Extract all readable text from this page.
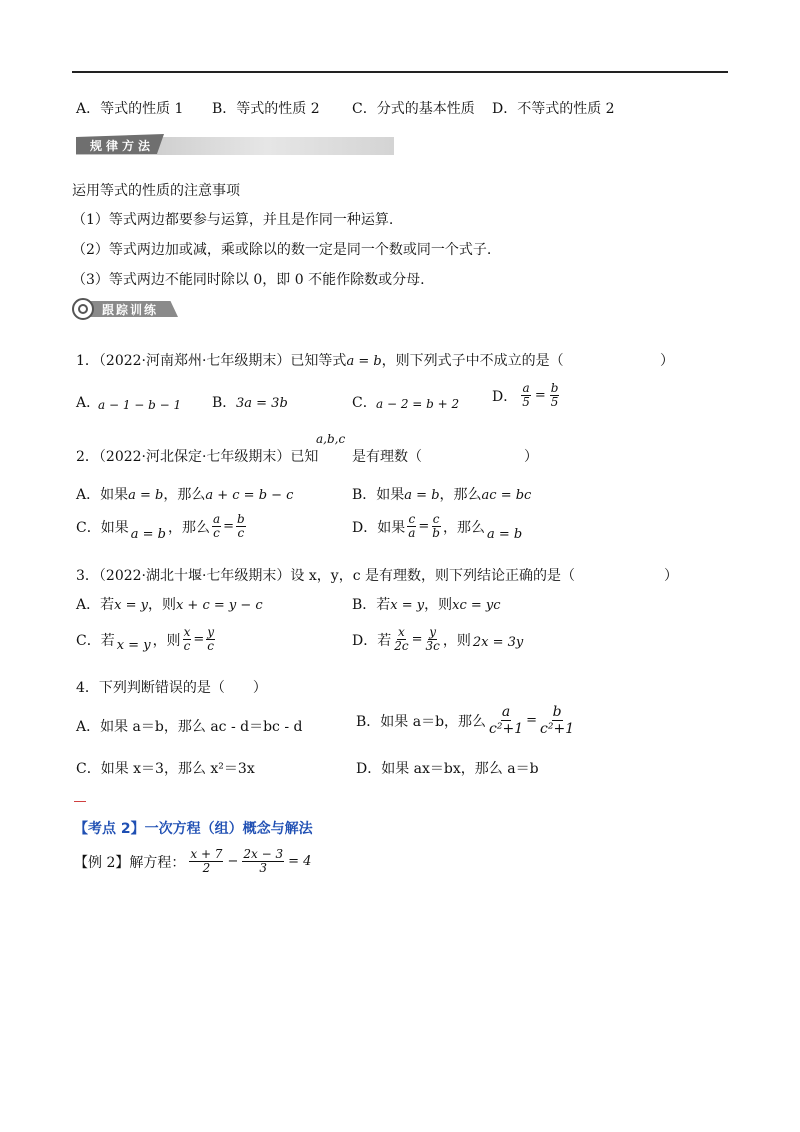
A．等式的性质 1 B．等式的性质 2 C．分式的基本性质 D．不等式的性质 2
规律方法
运用等式的性质的注意事项
（1）等式两边都要参与运算，并且是作同一种运算.
（2）等式两边加或减，乘或除以的数一定是同一个数或同一个式子.
（3）等式两边不能同时除以 0，即 0 不能作除数或分母.
跟踪训练
1．（2022·河南郑州·七年级期末）已知等式a = b，则下列式子中不成立的是（	）
A．
a − 1 − b − 1 B． 3a = 3b	C． a − 2 = b + 2 D． $\frac{a}{5} = \frac{b}{5}$
a,b,c
2．（2022·河北保定·七年级期末）已知 是有理数（	）
A．如果a = b，那么a + c = b − c	B．如果a = b，那么ac = bc
C．如果 a = b ，那么 $\frac{a}{c} = \frac{b}{c}$	D．如果 $\frac{c}{a} = \frac{c}{b}$ ，那么 a = b
3．（2022·湖北十堰·七年级期末）设 x，y，c 是有理数，则下列结论正确的是（	）
A．若x = y，则x + c = y − c	B．若x = y，则xc = yc
C．若 x = y ，则 $\frac{x}{c} = \frac{y}{c}$	D．若 $\frac{x}{2c} = \frac{y}{3c}$ ，则 2x = 3y
4．下列判断错误的是（　　）
A．如果 a＝b，那么 ac - d＝bc - d	B．如果 a＝b，那么 $\frac{a}{\text{c²+1}} = \frac{b}{\text{c²+1}}$
C．如果 x＝3，那么 x²＝3x	D．如果 ax＝bx，那么 a＝b
【考点 2】一次方程（组）概念与解法
【例 2】解方程： $\frac{x + 7}{2} - \frac{2x - 3}{3} = 4$
